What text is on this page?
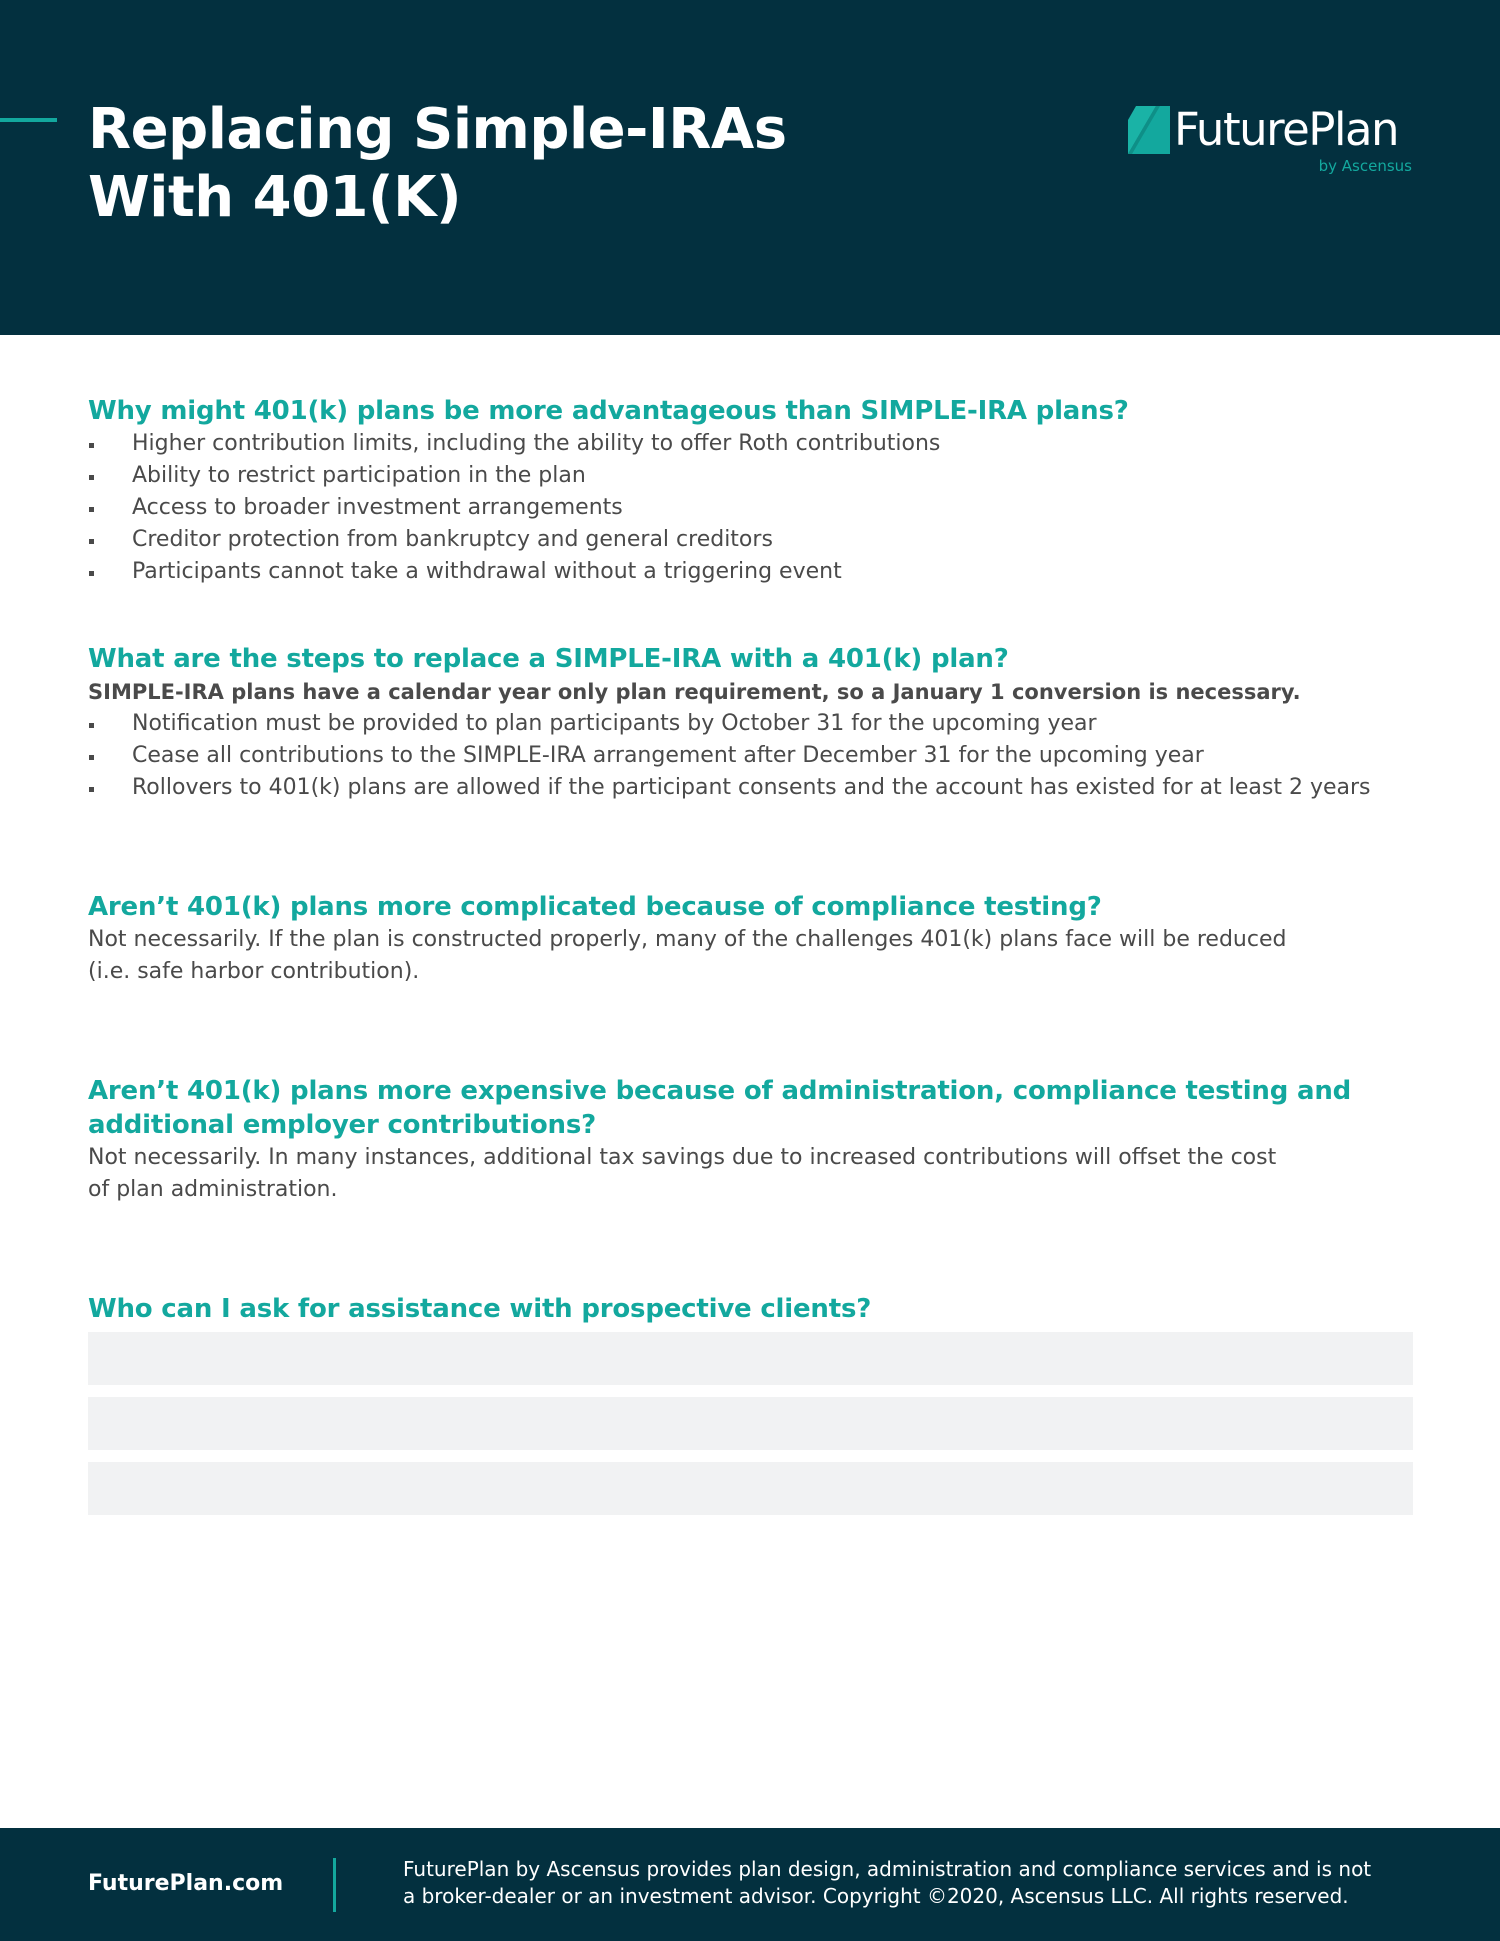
Replacing Simple-IRAs
With 401(K)
FuturePlan
by Ascensus
Why might 401(k) plans be more advantageous than SIMPLE-IRA plans?
Higher contribution limits, including the ability to offer Roth contributions
Ability to restrict participation in the plan
Access to broader investment arrangements
Creditor protection from bankruptcy and general creditors
Participants cannot take a withdrawal without a triggering event
What are the steps to replace a SIMPLE-IRA with a 401(k) plan?

SIMPLE-IRA plans have a calendar year only plan requirement, so a January 1 conversion is necessary.

Notification must be provided to plan participants by October 31 for the upcoming year
Cease all contributions to the SIMPLE-IRA arrangement after December 31 for the upcoming year
Rollovers to 401(k) plans are allowed if the participant consents and the account has existed for at least 2 years
Aren’t 401(k) plans more complicated because of compliance testing?

Not necessarily. If the plan is constructed properly, many of the challenges 401(k) plans face will be reduced
(i.e. safe harbor contribution).

Aren’t 401(k) plans more expensive because of administration, compliance testing and
additional employer contributions?

Not necessarily. In many instances, additional tax savings due to increased contributions will offset the cost
of plan administration.

Who can I ask for assistance with prospective clients?
FuturePlan.com
FuturePlan by Ascensus provides plan design, administration and compliance services and is not
a broker-dealer or an investment advisor. Copyright ©2020, Ascensus LLC. All rights reserved.
